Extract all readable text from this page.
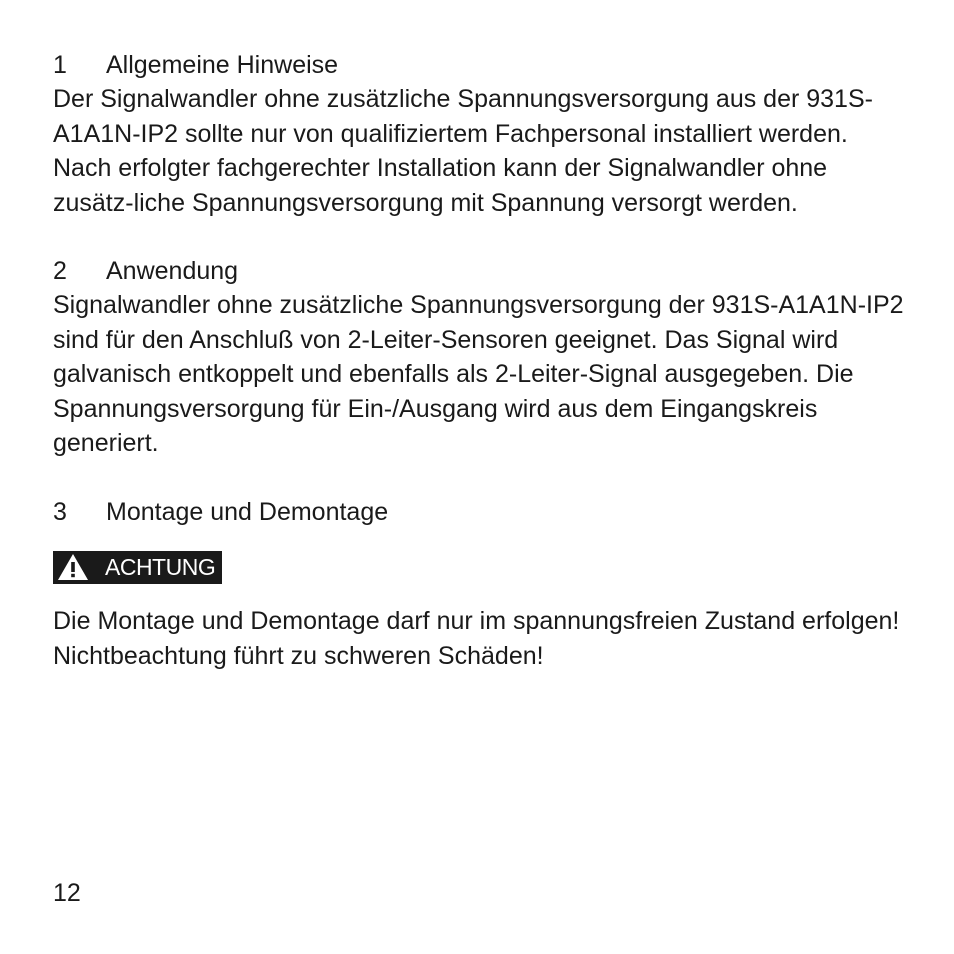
1	Allgemeine Hinweise

Der Signalwandler ohne zusätzliche Spannungsversorgung aus der 931S-A1A1N-IP2 sollte nur von qualifiziertem Fachpersonal installiert werden. Nach erfolgter fachgerechter Installation kann der Signalwandler ohne zusätz-liche Spannungsversorgung mit Spannung versorgt werden.

2	Anwendung

Signalwandler ohne zusätzliche Spannungsversorgung der 931S-A1A1N-IP2 sind für den Anschluß von 2-Leiter-Sensoren geeignet. Das Signal wird galvanisch entkoppelt und ebenfalls als 2-Leiter-Signal ausgegeben. Die Spannungsversorgung für Ein-/Ausgang wird aus dem Eingangskreis generiert.

3	Montage und Demontage
ACHTUNG

Die Montage und Demontage darf nur im spannungsfreien Zustand erfolgen! Nichtbeachtung führt zu schweren Schäden!

12
